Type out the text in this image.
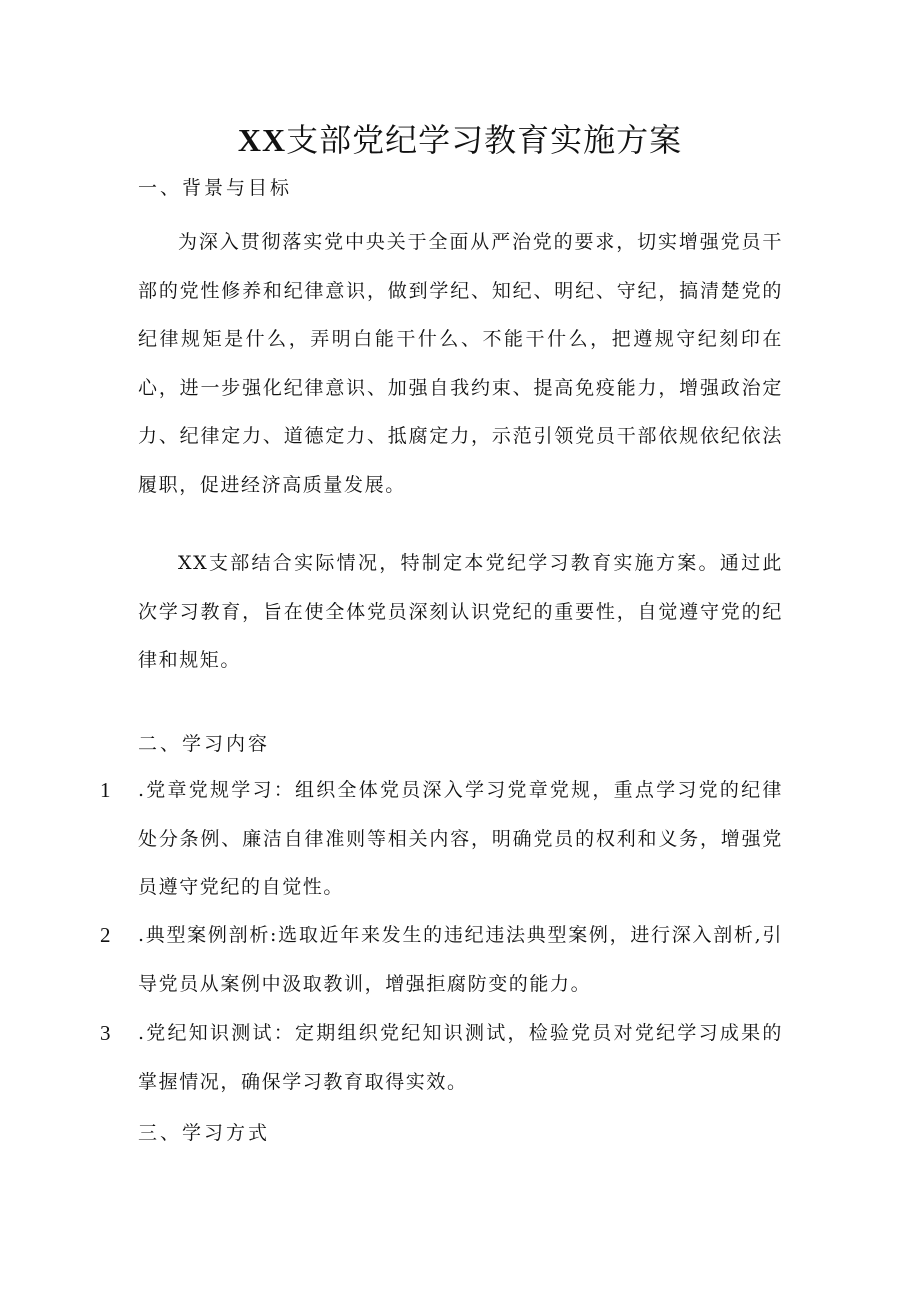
XX支部党纪学习教育实施方案
一、背景与目标

为深入贯彻落实党中央关于全面从严治党的要求，切实增强党员干部的党性修养和纪律意识，做到学纪、知纪、明纪、守纪，搞清楚党的纪律规矩是什么，弄明白能干什么、不能干什么，把遵规守纪刻印在心，进一步强化纪律意识、加强自我约束、提高免疫能力，增强政治定力、纪律定力、道德定力、抵腐定力，示范引领党员干部依规依纪依法履职，促进经济高质量发展。

XX支部结合实际情况，特制定本党纪学习教育实施方案。通过此次学习教育，旨在使全体党员深刻认识党纪的重要性，自觉遵守党的纪律和规矩。

二、学习内容
1	.党章党规学习：组织全体党员深入学习党章党规，重点学习党的纪律处分条例、廉洁自律准则等相关内容，明确党员的权利和义务，增强党员遵守党纪的自觉性。
2	.典型案例剖析:选取近年来发生的违纪违法典型案例，进行深入剖析,引导党员从案例中汲取教训，增强拒腐防变的能力。
3	.党纪知识测试：定期组织党纪知识测试，检验党员对党纪学习成果的掌握情况，确保学习教育取得实效。
三、学习方式
